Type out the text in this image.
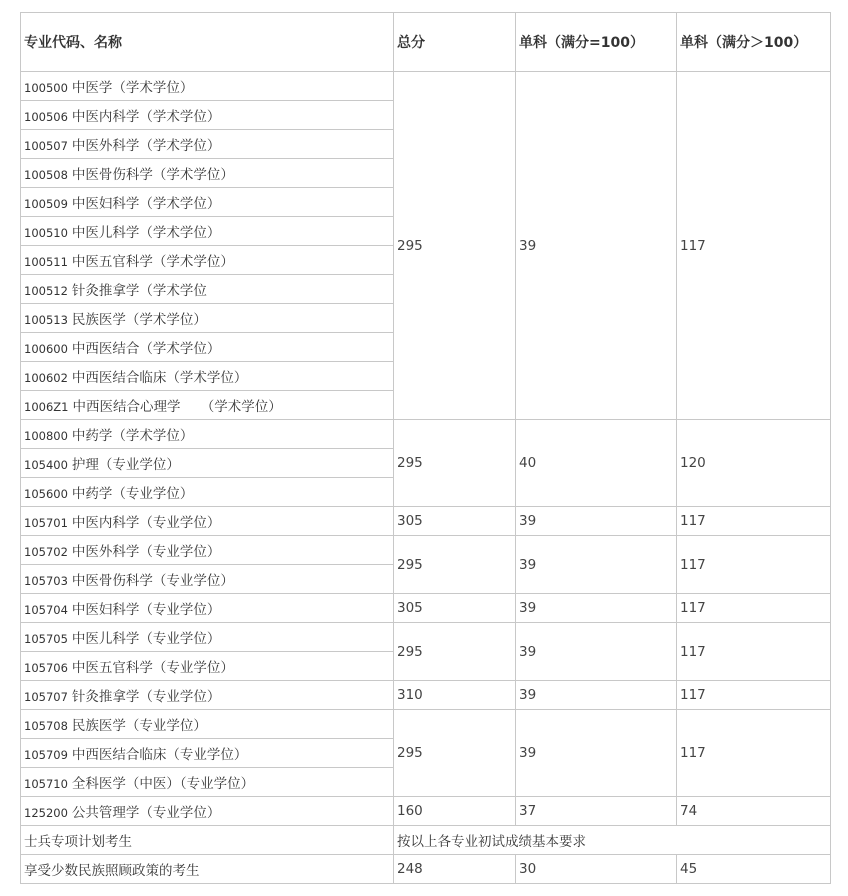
专业代码、名称	总分	单科（满分=100）	单科（满分＞100）
100500 中医学（学术学位）	295	39	117
100506 中医内科学（学术学位）			
100507 中医外科学（学术学位）			
100508 中医骨伤科学（学术学位）			
100509 中医妇科学（学术学位）			
100510 中医儿科学（学术学位）			
100511 中医五官科学（学术学位）			
100512 针灸推拿学（学术学位			
100513 民族医学（学术学位）			
100600 中西医结合（学术学位）			
100602 中西医结合临床（学术学位）			
1006Z1 中西医结合心理学　　（学术学位）			
100800 中药学（学术学位）	295	40	120
105400 护理（专业学位）			
105600 中药学（专业学位）			
105701 中医内科学（专业学位）	305	39	117
105702 中医外科学（专业学位）	295	39	117
105703 中医骨伤科学（专业学位）			
105704 中医妇科学（专业学位）	305	39	117
105705 中医儿科学（专业学位）	295	39	117
105706 中医五官科学（专业学位）			
105707 针灸推拿学（专业学位）	310	39	117
105708 民族医学（专业学位）	295	39	117
105709 中西医结合临床（专业学位）			
105710 全科医学（中医）（专业学位）			
125200 公共管理学（专业学位）	160	37	74
士兵专项计划考生	按以上各专业初试成绩基本要求		
享受少数民族照顾政策的考生	248	30	45
